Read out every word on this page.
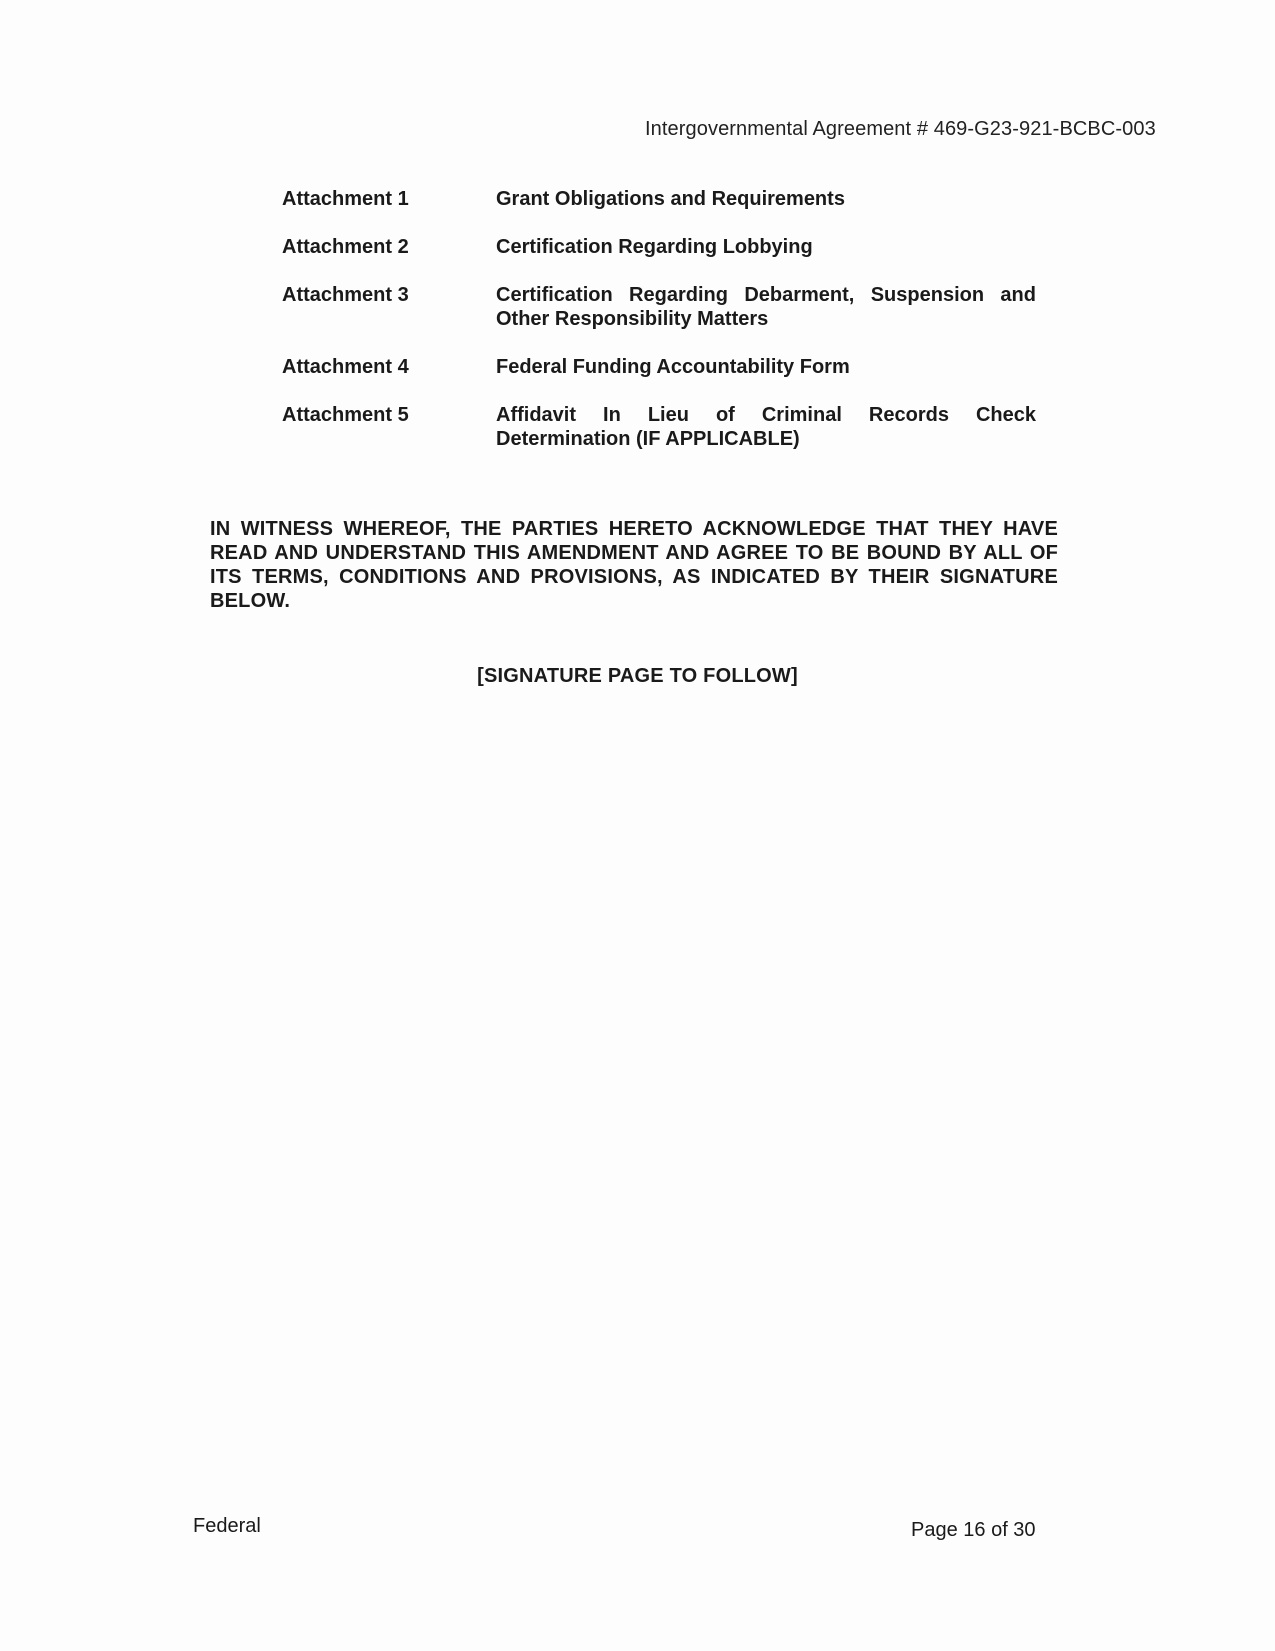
Intergovernmental Agreement # 469-G23-921-BCBC-003
Attachment 1	Grant Obligations and Requirements
Attachment 2	Certification Regarding Lobbying
Attachment 3	Certification Regarding Debarment, Suspension and Other Responsibility Matters
Attachment 4	Federal Funding Accountability Form
Attachment 5	Affidavit In Lieu of Criminal Records Check Determination (IF APPLICABLE)
IN WITNESS WHEREOF, THE PARTIES HERETO ACKNOWLEDGE THAT THEY HAVE READ AND UNDERSTAND THIS AMENDMENT AND AGREE TO BE BOUND BY ALL OF ITS TERMS, CONDITIONS AND PROVISIONS, AS INDICATED BY THEIR SIGNATURE BELOW.
[SIGNATURE PAGE TO FOLLOW]
Federal	Page 16 of 30
